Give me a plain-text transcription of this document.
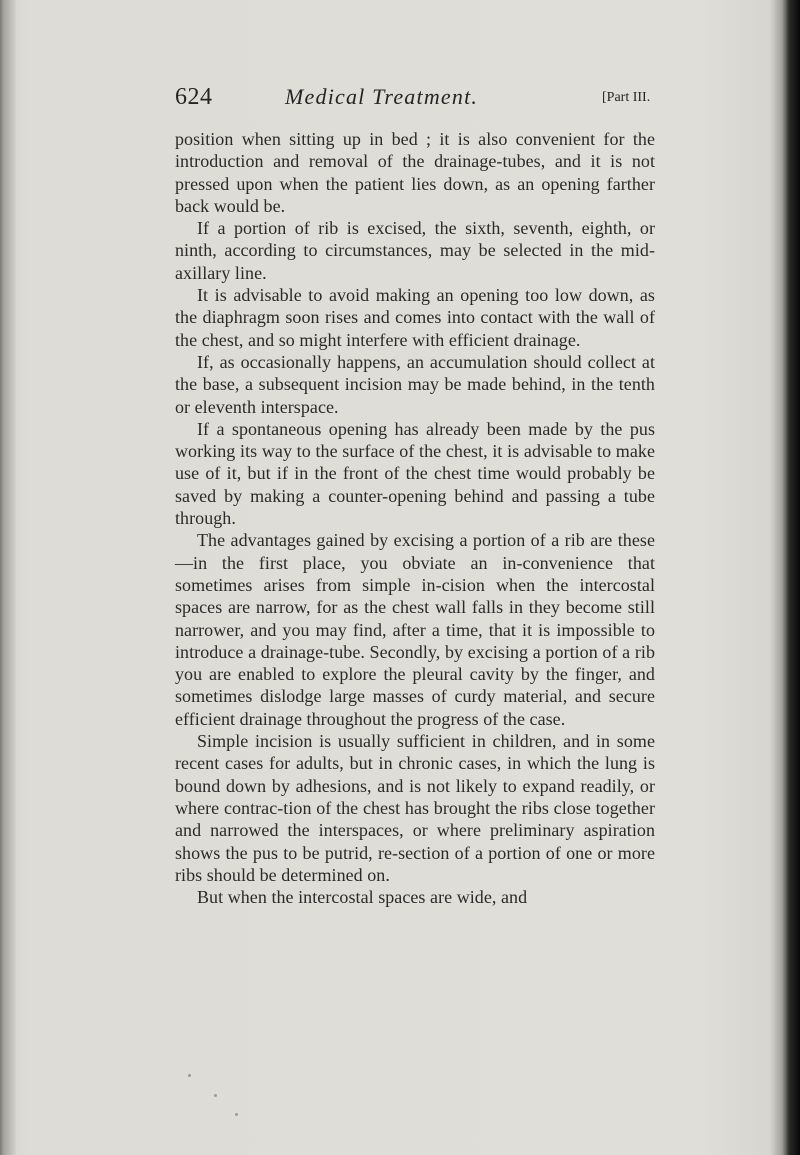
624	Medical Treatment.	[Part III.

position when sitting up in bed ; it is also convenient for the introduction and removal of the drainage-tubes, and it is not pressed upon when the patient lies down, as an opening farther back would be.

If a portion of rib is excised, the sixth, seventh, eighth, or ninth, according to circumstances, may be selected in the mid-axillary line.

It is advisable to avoid making an opening too low down, as the diaphragm soon rises and comes into contact with the wall of the chest, and so might interfere with efficient drainage.

If, as occasionally happens, an accumulation should collect at the base, a subsequent incision may be made behind, in the tenth or eleventh interspace.

If a spontaneous opening has already been made by the pus working its way to the surface of the chest, it is advisable to make use of it, but if in the front of the chest time would probably be saved by making a counter-opening behind and passing a tube through.

The advantages gained by excising a portion of a rib are these—in the first place, you obviate an in-convenience that sometimes arises from simple in-cision when the intercostal spaces are narrow, for as the chest wall falls in they become still narrower, and you may find, after a time, that it is impossible to introduce a drainage-tube. Secondly, by excising a portion of a rib you are enabled to explore the pleural cavity by the finger, and sometimes dislodge large masses of curdy material, and secure efficient drainage throughout the progress of the case.

Simple incision is usually sufficient in children, and in some recent cases for adults, but in chronic cases, in which the lung is bound down by adhesions, and is not likely to expand readily, or where contrac-tion of the chest has brought the ribs close together and narrowed the interspaces, or where preliminary aspiration shows the pus to be putrid, re-section of a portion of one or more ribs should be determined on.

But when the intercostal spaces are wide, and
